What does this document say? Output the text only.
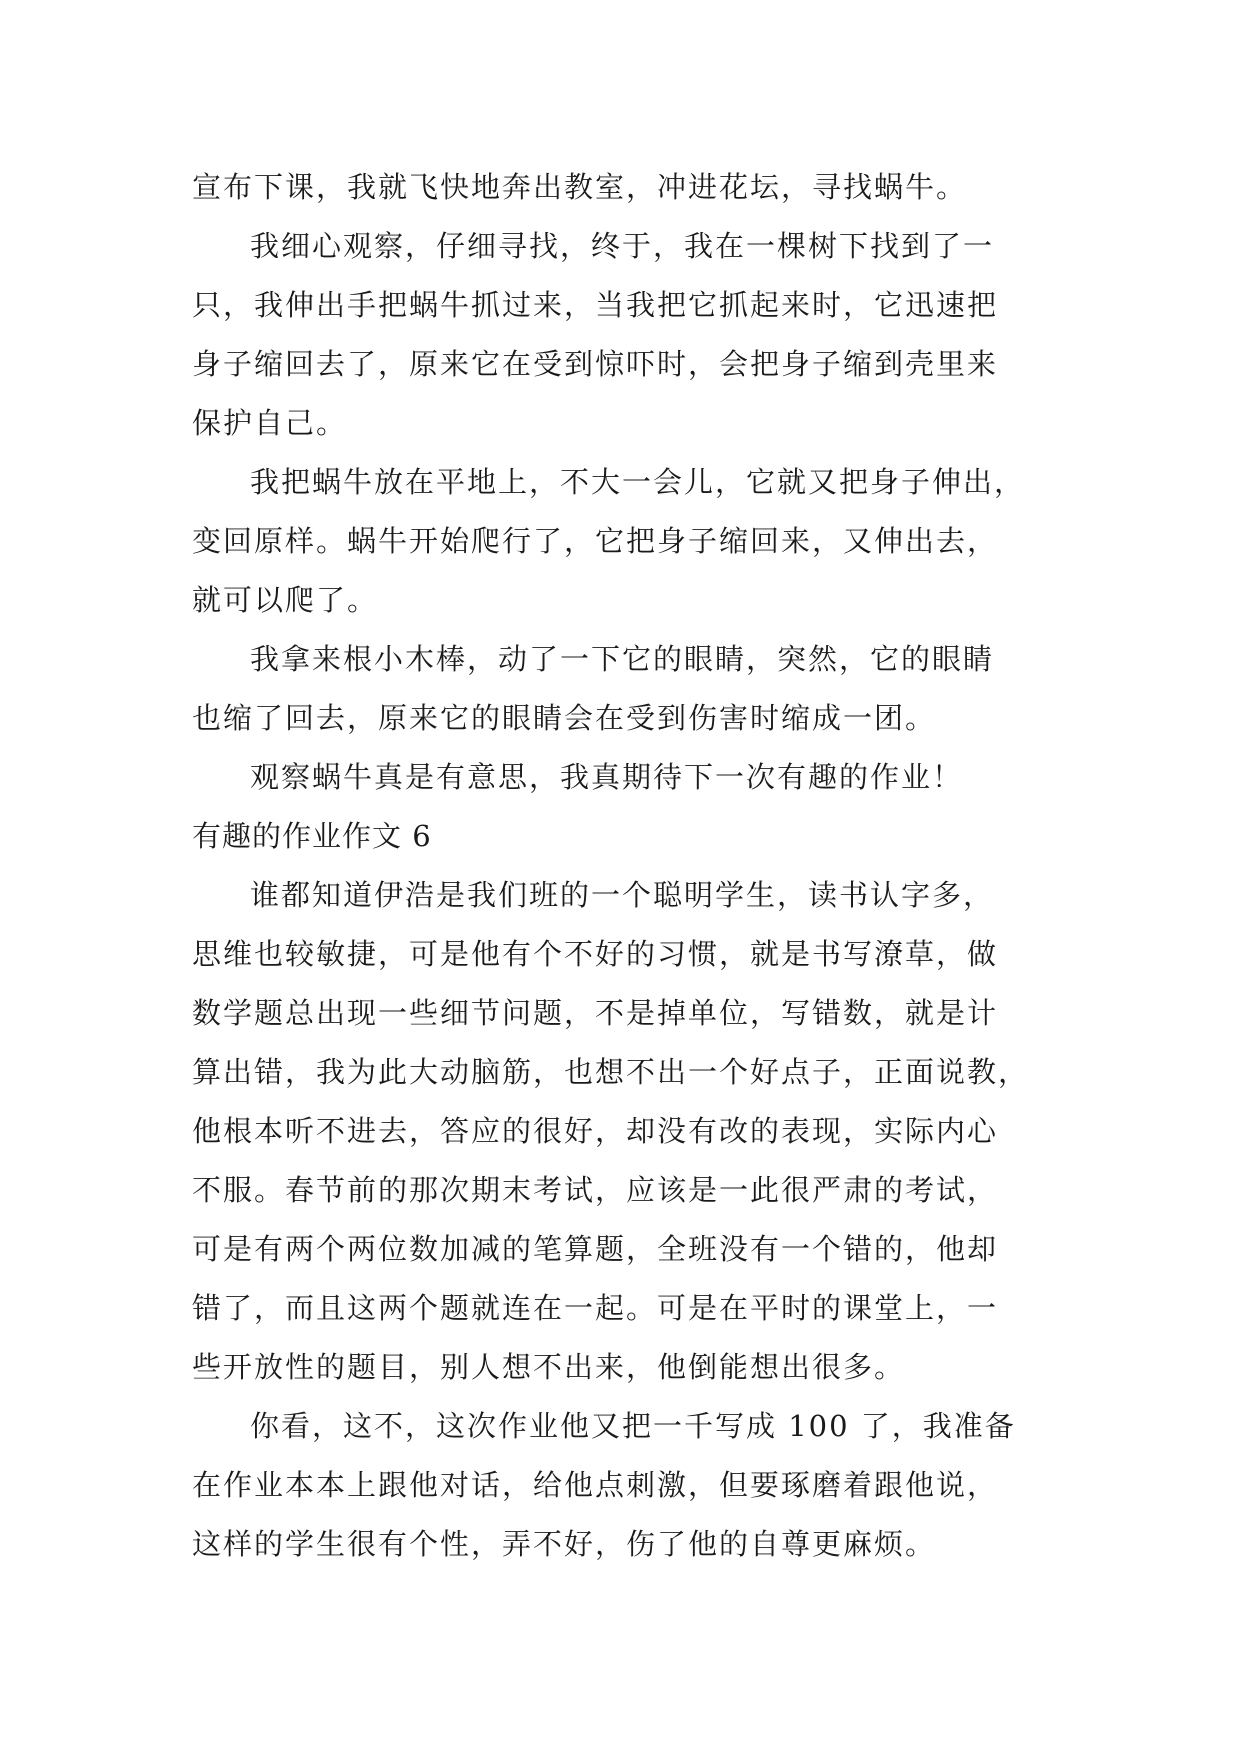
宣布下课，我就飞快地奔出教室，冲进花坛，寻找蜗牛。
我细心观察，仔细寻找，终于，我在一棵树下找到了一
只，我伸出手把蜗牛抓过来，当我把它抓起来时，它迅速把
身子缩回去了，原来它在受到惊吓时，会把身子缩到壳里来
保护自己。
我把蜗牛放在平地上，不大一会儿，它就又把身子伸出，
变回原样。蜗牛开始爬行了，它把身子缩回来，又伸出去，
就可以爬了。
我拿来根小木棒，动了一下它的眼睛，突然，它的眼睛
也缩了回去，原来它的眼睛会在受到伤害时缩成一团。
观察蜗牛真是有意思，我真期待下一次有趣的作业！
有趣的作业作文 6
谁都知道伊浩是我们班的一个聪明学生，读书认字多，
思维也较敏捷，可是他有个不好的习惯，就是书写潦草，做
数学题总出现一些细节问题，不是掉单位，写错数，就是计
算出错，我为此大动脑筋，也想不出一个好点子，正面说教，
他根本听不进去，答应的很好，却没有改的表现，实际内心
不服。春节前的那次期末考试，应该是一此很严肃的考试，
可是有两个两位数加减的笔算题，全班没有一个错的，他却
错了，而且这两个题就连在一起。可是在平时的课堂上，一
些开放性的题目，别人想不出来，他倒能想出很多。
你看，这不，这次作业他又把一千写成 100 了，我准备
在作业本本上跟他对话，给他点刺激，但要琢磨着跟他说，
这样的学生很有个性，弄不好，伤了他的自尊更麻烦。
